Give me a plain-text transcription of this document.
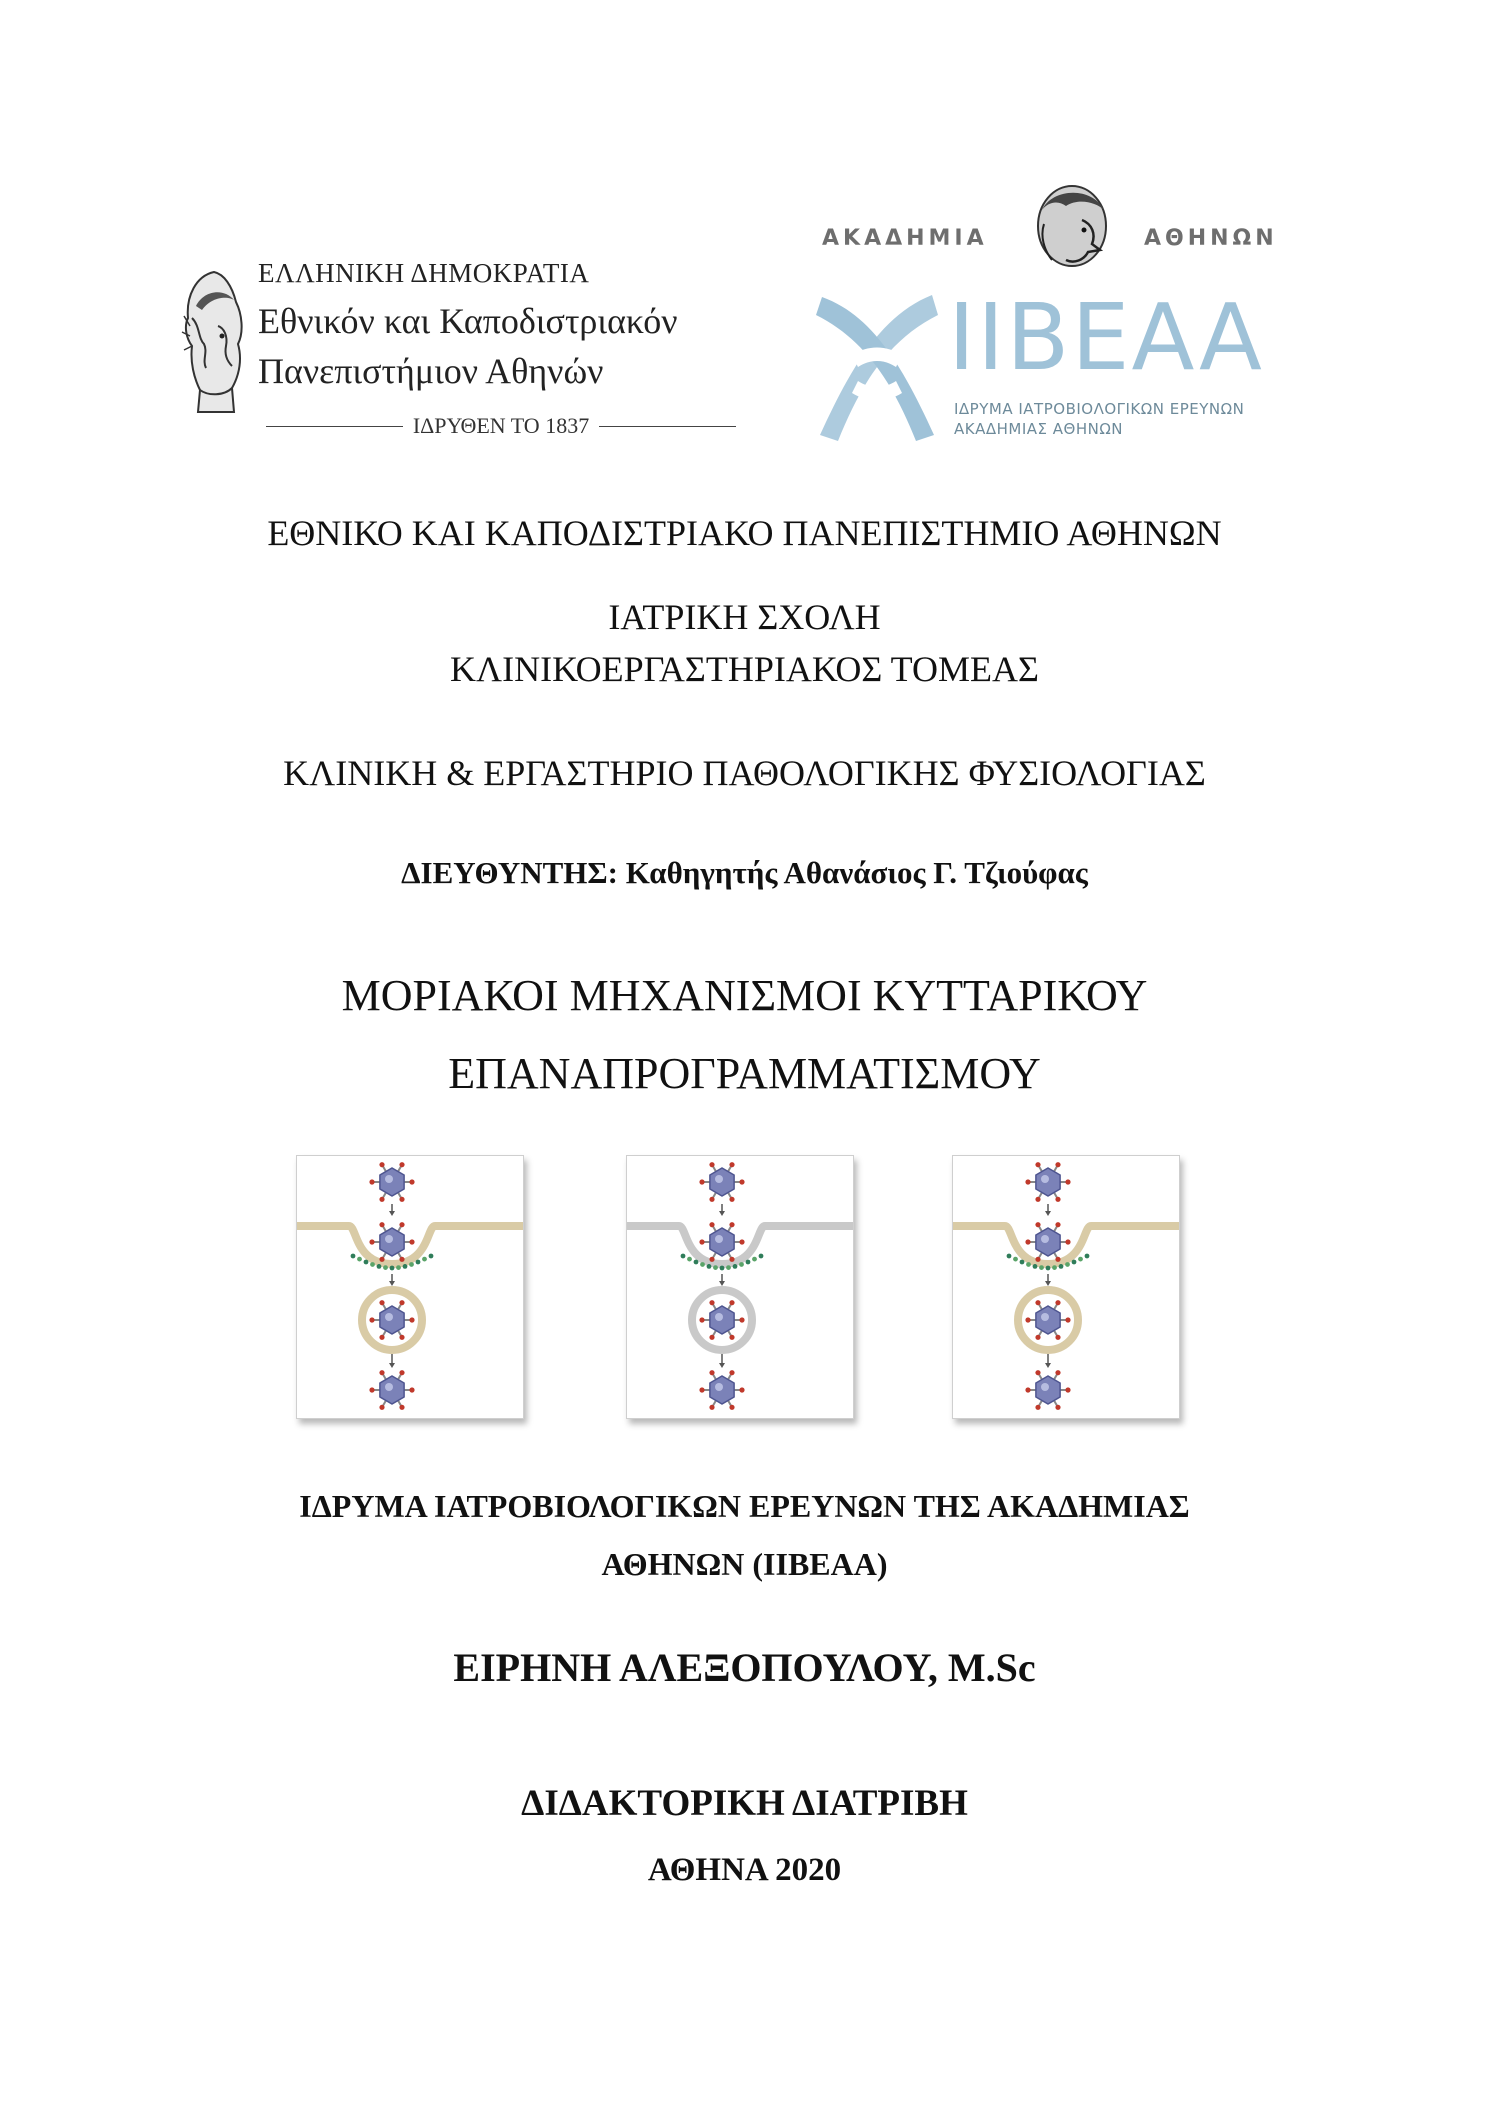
ΕΛΛΗΝΙΚΗ ΔΗΜΟΚΡΑΤΙΑ
Εθνικόν και Καποδιστριακόν
Πανεπιστήμιον Αθηνών
ΙΔΡΥΘΕΝ ΤΟ 1837
ΑΚΑΔΗΜΙΑ	ΑΘΗΝΩΝ
IIBEAA
ΙΔΡΥΜΑ ΙΑΤΡΟΒΙΟΛΟΓΙΚΩΝ ΕΡΕΥΝΩΝ
ΑΚΑΔΗΜΙΑΣ ΑΘΗΝΩΝ
ΕΘΝΙΚΟ ΚΑΙ ΚΑΠΟΔΙΣΤΡΙΑΚΟ ΠΑΝΕΠΙΣΤΗΜΙΟ ΑΘΗΝΩΝ
ΙΑΤΡΙΚΗ ΣΧΟΛΗ
ΚΛΙΝΙΚΟΕΡΓΑΣΤΗΡΙΑΚΟΣ ΤΟΜΕΑΣ
ΚΛΙΝΙΚΗ & ΕΡΓΑΣΤΗΡΙΟ ΠΑΘΟΛΟΓΙΚΗΣ ΦΥΣΙΟΛΟΓΙΑΣ
ΔΙΕΥΘΥΝΤΗΣ: Καθηγητής Αθανάσιος Γ. Τζιούφας
ΜΟΡΙΑΚΟΙ ΜΗΧΑΝΙΣΜΟΙ ΚΥΤΤΑΡΙΚΟΥ
ΕΠΑΝΑΠΡΟΓΡΑΜΜΑΤΙΣΜΟΥ
ΙΔΡΥΜΑ ΙΑΤΡΟΒΙΟΛΟΓΙΚΩΝ ΕΡΕΥΝΩΝ ΤΗΣ ΑΚΑΔΗΜΙΑΣ
ΑΘΗΝΩΝ (ΙΙΒΕΑΑ)
ΕΙΡΗΝΗ ΑΛΕΞΟΠΟΥΛΟΥ, M.Sc
ΔΙΔΑΚΤΟΡΙΚΗ ΔΙΑΤΡΙΒΗ
ΑΘΗΝΑ 2020
